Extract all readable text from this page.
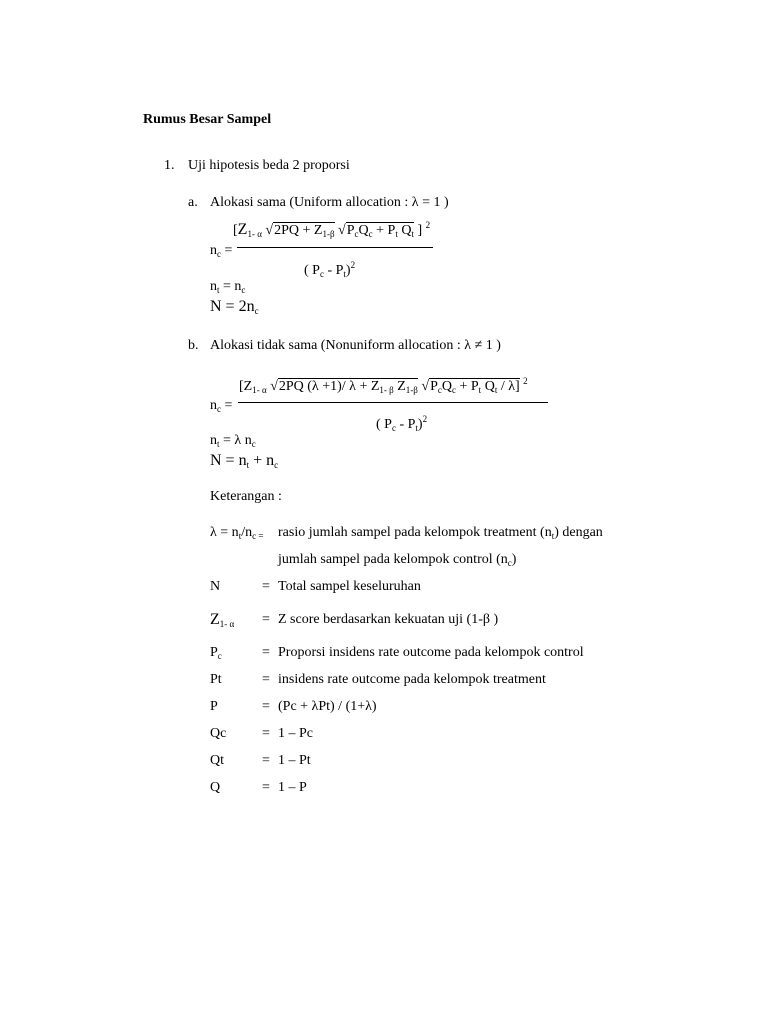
Rumus Besar Sampel
1. Uji hipotesis beda 2 proporsi
a. Alokasi sama (Uniform allocation : λ = 1 )
[$Z_{1- \alpha}$ $√2PQ + Z_{1-\beta}$ $√P_cQ_c + P_t$ $Q_t$ ] $^2$
$n_c$ =
( $P_c - P_t)^2$
$n_t = n_c$
$N = 2n_c$
b. Alokasi tidak sama (Nonuniform allocation : λ ≠ 1 )
[$Z_{1- \alpha}$ √2PQ (λ +1)/ $\lambda + Z_{1- \beta}$ $Z_{1-\beta}$ $√P_cQ_c + P_t$ $Q_t / \lambda$] $^2$
$n_c$ =
( $P_c - P_t)^2$
$n_t = \lambda$ $n_c$
$N = n_t + n_c$
Keterangan :
$\lambda = n_t/n_c$ $_=$ rasio jumlah sampel pada kelompok treatment $(n_t)$ dengan
jumlah sampel pada kelompok control $(n_c)$
N	= Total sampel keseluruhan
$Z_{1- \alpha} = Z$ score berdasarkan kekuatan uji (1-β )
$P_c$	= Proporsi insidens rate outcome pada kelompok control
Pt	= insidens rate outcome pada kelompok treatment
P	= (Pc + λPt) / (1+λ)
Qc	= 1 – Pc
Qt	= 1 – Pt
Q	= 1 – P
